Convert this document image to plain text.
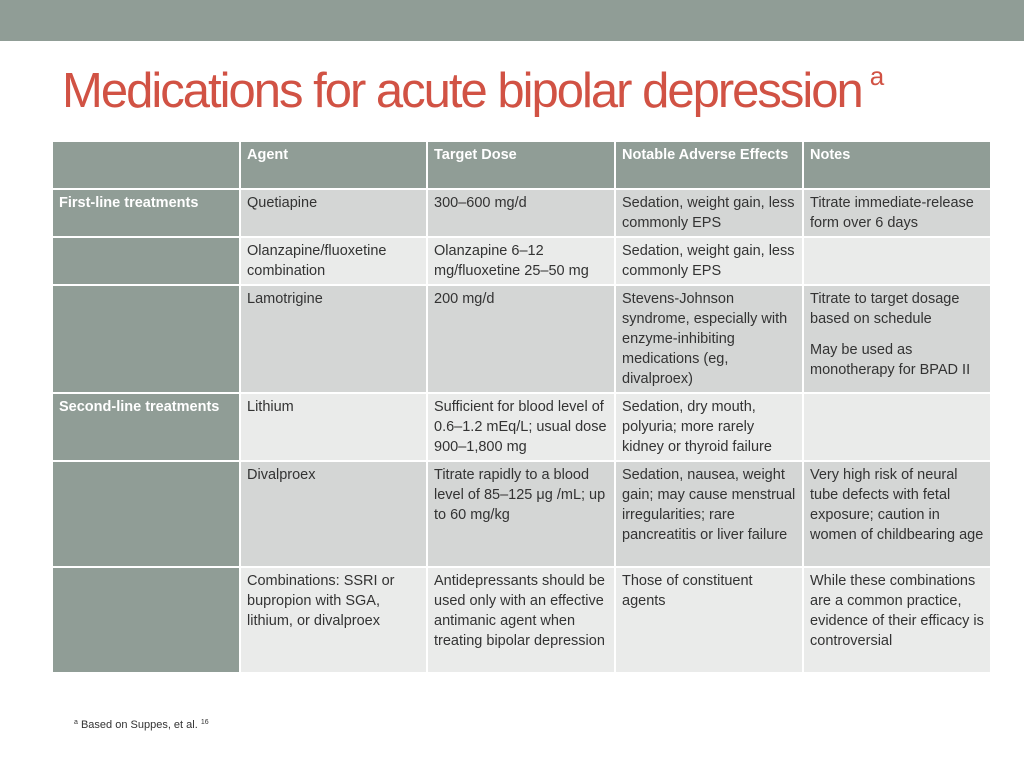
Medications for acute bipolar depression $^a$
	Agent	Target Dose	Notable Adverse Effects	Notes
First-line treatments	Quetiapine	300–600 mg/d	Sedation, weight gain, less commonly EPS	Titrate immediate-release form over 6 days

	Olanzapine/fluoxetine combination	Olanzapine 6–12 mg/fluoxetine 25–50 mg	Sedation, weight gain, less commonly EPS	

	Lamotrigine	200 mg/d	Stevens-Johnson syndrome, especially with enzyme-inhibiting medications (eg, divalproex)	Titrate to target dosage based on schedule
May be used as monotherapy for BPAD II

Second-line treatments	Lithium	Sufficient for blood level of 0.6–1.2 mEq/L; usual dose 900–1,800 mg	Sedation, dry mouth, polyuria; more rarely kidney or thyroid failure	

	Divalproex	Titrate rapidly to a blood level of 85–125 μg /mL; up to 60 mg/kg	Sedation, nausea, weight gain; may cause menstrual irregularities; rare pancreatitis or liver failure	Very high risk of neural tube defects with fetal exposure; caution in women of childbearing age

	Combinations: SSRI or bupropion with SGA, lithium, or divalproex	Antidepressants should be used only with an effective antimanic agent when treating bipolar depression	Those of constituent agents	While these combinations are a common practice, evidence of their efficacy is controversial
$^a$ Based on Suppes, et al. $^{16}$
